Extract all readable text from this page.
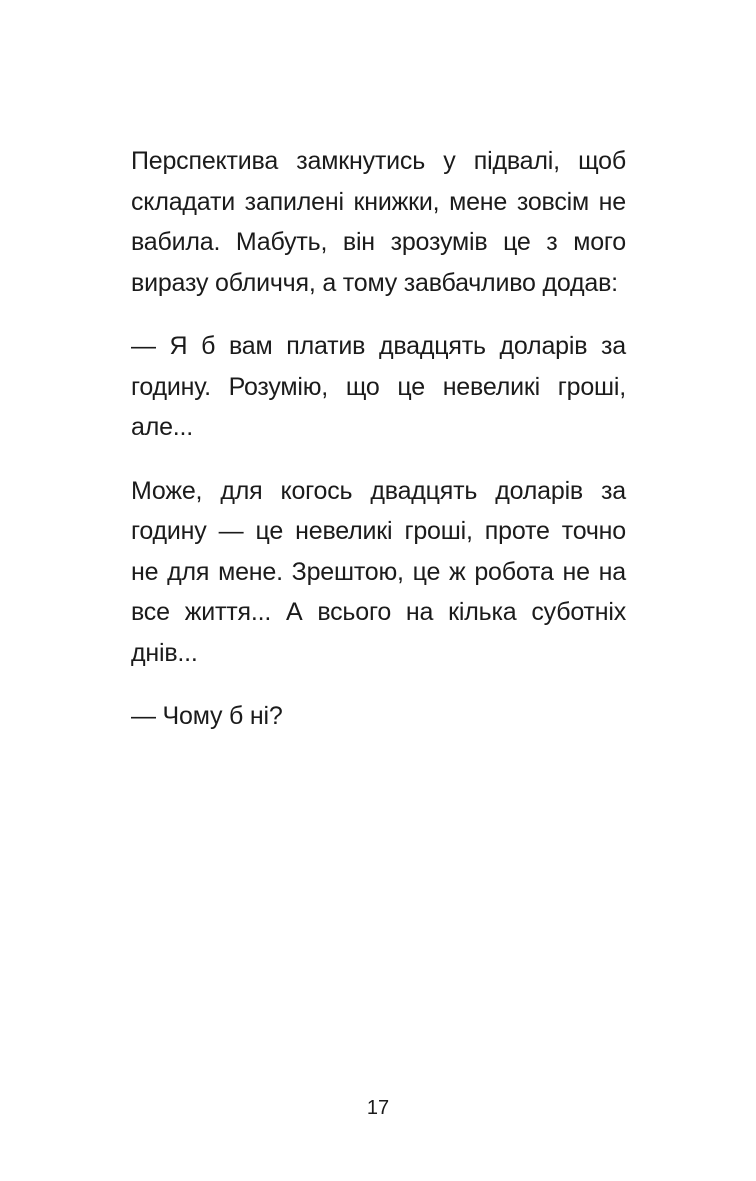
Перспектива замкнутись у підвалі, щоб складати запилені книжки, мене зовсім не вабила. Мабуть, він зрозумів це з мого виразу обличчя, а тому завбачливо додав:

— Я б вам платив двадцять доларів за годину. Розумію, що це невеликі гроші, але...

Може, для когось двадцять доларів за годину — це невеликі гроші, проте точно не для мене. Зрештою, це ж робота не на все життя... А всього на кілька суботніх днів...

— Чому б ні?

17
